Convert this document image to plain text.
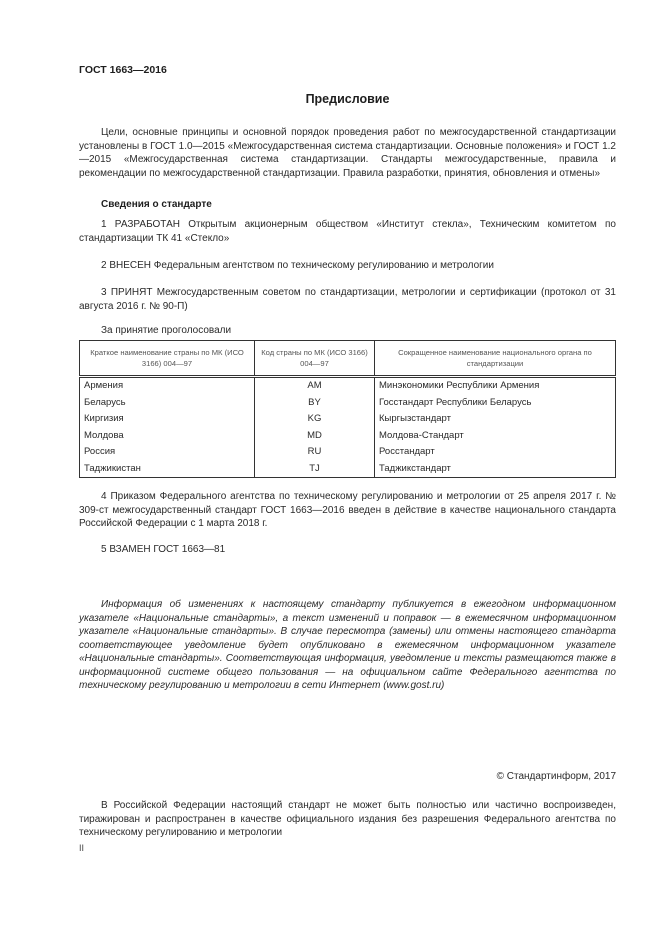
ГОСТ 1663—2016
Предисловие

Цели, основные принципы и основной порядок проведения работ по межгосударственной стандартизации установлены в ГОСТ 1.0—2015 «Межгосударственная система стандартизации. Основные положения» и ГОСТ 1.2—2015 «Межгосударственная система стандартизации. Стандарты межгосударственные, правила и рекомендации по межгосударственной стандартизации. Правила разработки, принятия, обновления и отмены»

Сведения о стандарте

1 РАЗРАБОТАН Открытым акционерным обществом «Институт стекла», Техническим комитетом по стандартизации ТК 41 «Стекло»

2 ВНЕСЕН Федеральным агентством по техническому регулированию и метрологии

3 ПРИНЯТ Межгосударственным советом по стандартизации, метрологии и сертификации (протокол от 31 августа 2016 г. № 90-П)

За принятие проголосовали

Краткое наименование страны по МК (ИСО 3166) 004—97	Код страны по МК (ИСО 3166) 004—97	Сокращенное наименование национального органа по стандартизации
Армения	AM	Минэкономики Республики Армения
Беларусь	BY	Госстандарт Республики Беларусь
Киргизия	KG	Кыргызстандарт
Молдова	MD	Молдова-Стандарт
Россия	RU	Росстандарт
Таджикистан	TJ	Таджикстандарт

4 Приказом Федерального агентства по техническому регулированию и метрологии от 25 апреля 2017 г. № 309-ст межгосударственный стандарт ГОСТ 1663—2016 введен в действие в качестве национального стандарта Российской Федерации с 1 марта 2018 г.

5 ВЗАМЕН ГОСТ 1663—81

Информация об изменениях к настоящему стандарту публикуется в ежегодном информационном указателе «Национальные стандарты», а текст изменений и поправок — в ежемесячном информационном указателе «Национальные стандарты». В случае пересмотра (замены) или отмены настоящего стандарта соответствующее уведомление будет опубликовано в ежемесячном информационном указателе «Национальные стандарты». Соответствующая информация, уведомление и тексты размещаются также в информационной системе общего пользования — на официальном сайте Федерального агентства по техническому регулированию и метрологии в сети Интернет (www.gost.ru)

© Стандартинформ, 2017

В Российской Федерации настоящий стандарт не может быть полностью или частично воспроизведен, тиражирован и распространен в качестве официального издания без разрешения Федерального агентства по техническому регулированию и метрологии

II
